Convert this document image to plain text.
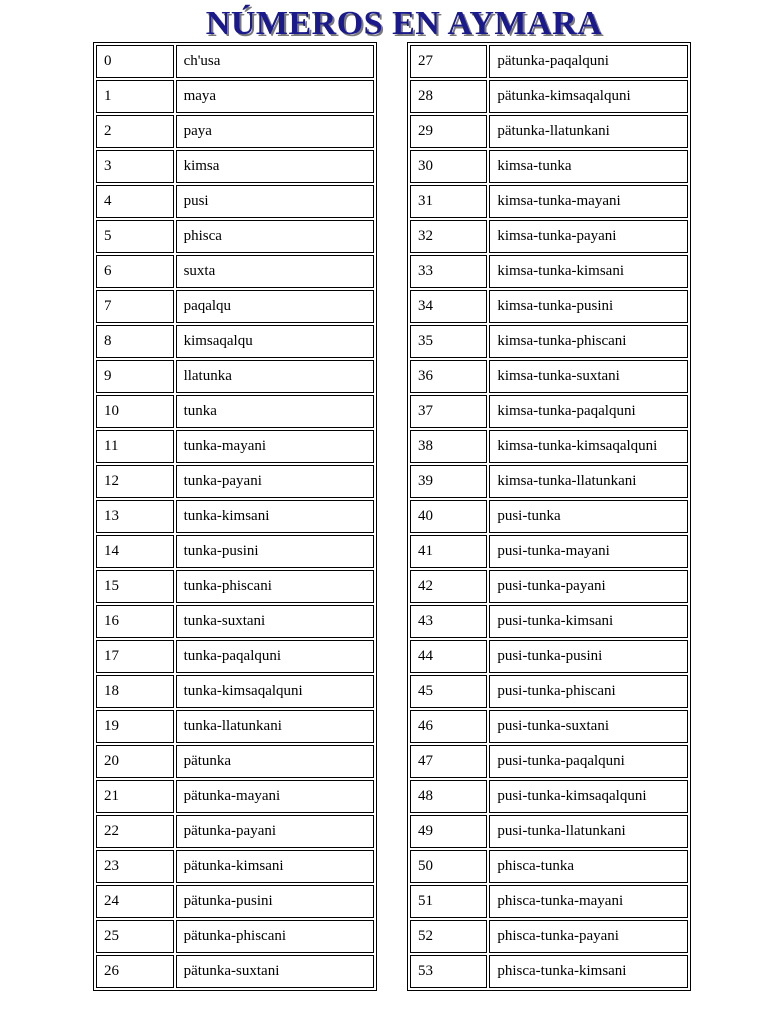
NÚMEROS EN AYMARA
0	ch'usa
1	maya
2	paya
3	kimsa
4	pusi
5	phisca
6	suxta
7	paqalqu
8	kimsaqalqu
9	llatunka
10	tunka
11	tunka-mayani
12	tunka-payani
13	tunka-kimsani
14	tunka-pusini
15	tunka-phiscani
16	tunka-suxtani
17	tunka-paqalquni
18	tunka-kimsaqalquni
19	tunka-llatunkani
20	pätunka
21	pätunka-mayani
22	pätunka-payani
23	pätunka-kimsani
24	pätunka-pusini
25	pätunka-phiscani
26	pätunka-suxtani
27	pätunka-paqalquni
28	pätunka-kimsaqalquni
29	pätunka-llatunkani
30	kimsa-tunka
31	kimsa-tunka-mayani
32	kimsa-tunka-payani
33	kimsa-tunka-kimsani
34	kimsa-tunka-pusini
35	kimsa-tunka-phiscani
36	kimsa-tunka-suxtani
37	kimsa-tunka-paqalquni
38	kimsa-tunka-kimsaqalquni
39	kimsa-tunka-llatunkani
40	pusi-tunka
41	pusi-tunka-mayani
42	pusi-tunka-payani
43	pusi-tunka-kimsani
44	pusi-tunka-pusini
45	pusi-tunka-phiscani
46	pusi-tunka-suxtani
47	pusi-tunka-paqalquni
48	pusi-tunka-kimsaqalquni
49	pusi-tunka-llatunkani
50	phisca-tunka
51	phisca-tunka-mayani
52	phisca-tunka-payani
53	phisca-tunka-kimsani
